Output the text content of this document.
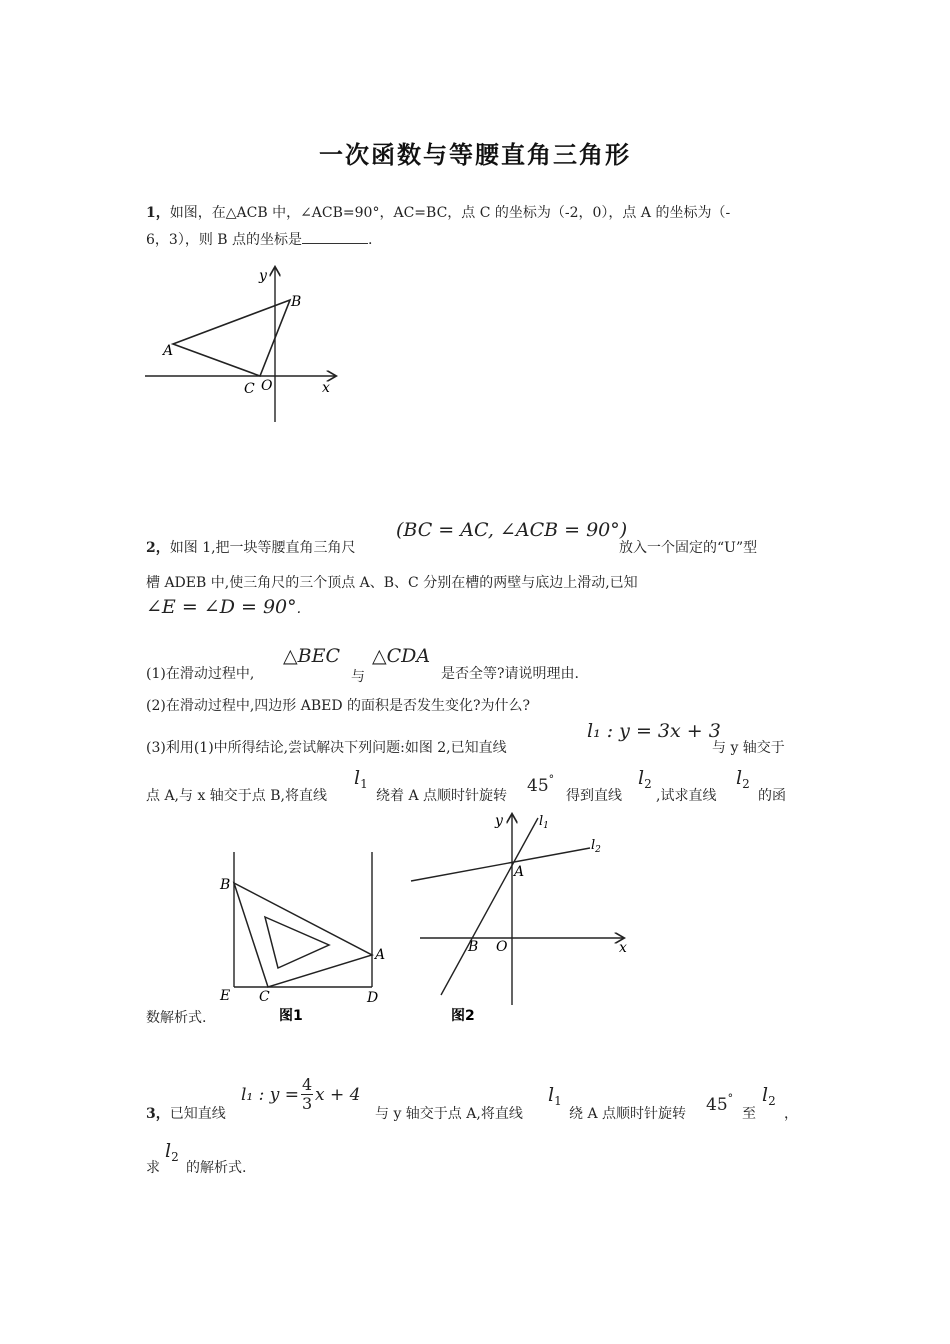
一次函数与等腰直角三角形
1，如图，在△ACB 中，∠ACB=90°，AC=BC，点 C 的坐标为（-2，0），点 A 的坐标为（-
6，3），则 B 点的坐标是	.
A
B
C O	x
y
2，如图 1,把一块等腰直角三角尺
(BC = AC, ∠ACB = 90°)
放入一个固定的“U”型
槽 ADEB 中,使三角尺的三个顶点 A、B、C 分别在槽的两壁与底边上滑动,已知
∠E = ∠D = 90°.
(1)在滑动过程中,
△BEC
与
△CDA
是否全等?请说明理由.
(2)在滑动过程中,四边形 ABED 的面积是否发生变化?为什么?
(3)利用(1)中所得结论,尝试解决下列问题:如图 2,已知直线
l₁ : y = 3x + 3
与 y 轴交于
点 A,与 x 轴交于点 B,将直线
$l_1$
绕着 A 点顺时针旋转 45°
得到直线
$l_2$
,试求直线
$l_2$
的函
B
A
E C	D
图1
y
x
A
B O
$l_1$
$l_2$
图2
数解析式.
3，已知直线
l₁ : $y = \frac{4}{3}$ x + 4
与 y 轴交于点 A,将直线
$l_1$
绕 A 点顺时针旋转 45°
至
$l_2$
，
求
$l_2$
的解析式.
